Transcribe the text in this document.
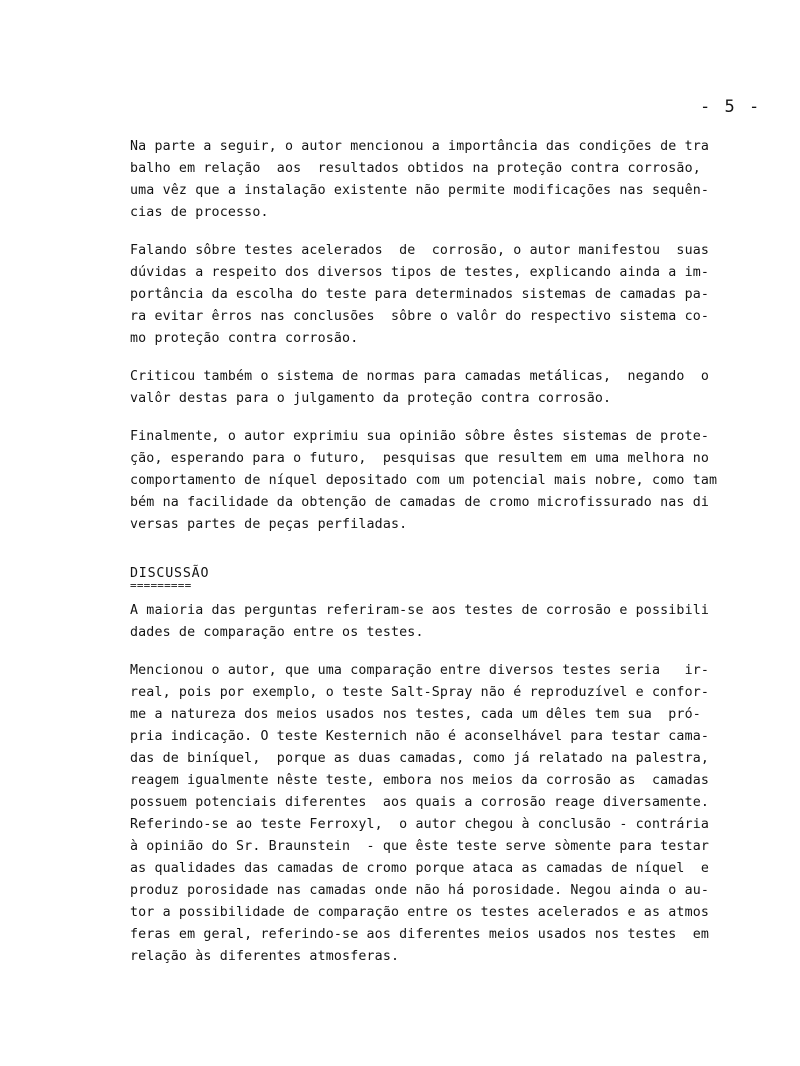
- 5 -
Na parte a seguir, o autor mencionou a importância das condições de tra
balho em relação  aos  resultados obtidos na proteção contra corrosão,
uma vêz que a instalação existente não permite modificações nas sequên-
cias de processo.
Falando sôbre testes acelerados  de  corrosão, o autor manifestou  suas
dúvidas a respeito dos diversos tipos de testes, explicando ainda a im-
portância da escolha do teste para determinados sistemas de camadas pa-
ra evitar êrros nas conclusões  sôbre o valôr do respectivo sistema co-
mo proteção contra corrosão.
Criticou também o sistema de normas para camadas metálicas,  negando  o
valôr destas para o julgamento da proteção contra corrosão.
Finalmente, o autor exprimiu sua opinião sôbre êstes sistemas de prote-
ção, esperando para o futuro,  pesquisas que resultem em uma melhora no
comportamento de níquel depositado com um potencial mais nobre, como tam
bém na facilidade da obtenção de camadas de cromo microfissurado nas di
versas partes de peças perfiladas.
DISCUSSÃO
=========
A maioria das perguntas referiram-se aos testes de corrosão e possibili
dades de comparação entre os testes.
Mencionou o autor, que uma comparação entre diversos testes seria   ir-
real, pois por exemplo, o teste Salt-Spray não é reproduzível e confor-
me a natureza dos meios usados nos testes, cada um dêles tem sua  pró-
pria indicação. O teste Kesternich não é aconselhável para testar cama-
das de biníquel,  porque as duas camadas, como já relatado na palestra,
reagem igualmente nêste teste, embora nos meios da corrosão as  camadas
possuem potenciais diferentes  aos quais a corrosão reage diversamente.
Referindo-se ao teste Ferroxyl,  o autor chegou à conclusão - contrária
à opinião do Sr. Braunstein  - que êste teste serve sòmente para testar
as qualidades das camadas de cromo porque ataca as camadas de níquel  e
produz porosidade nas camadas onde não há porosidade. Negou ainda o au-
tor a possibilidade de comparação entre os testes acelerados e as atmos
feras em geral, referindo-se aos diferentes meios usados nos testes  em
relação às diferentes atmosferas.
